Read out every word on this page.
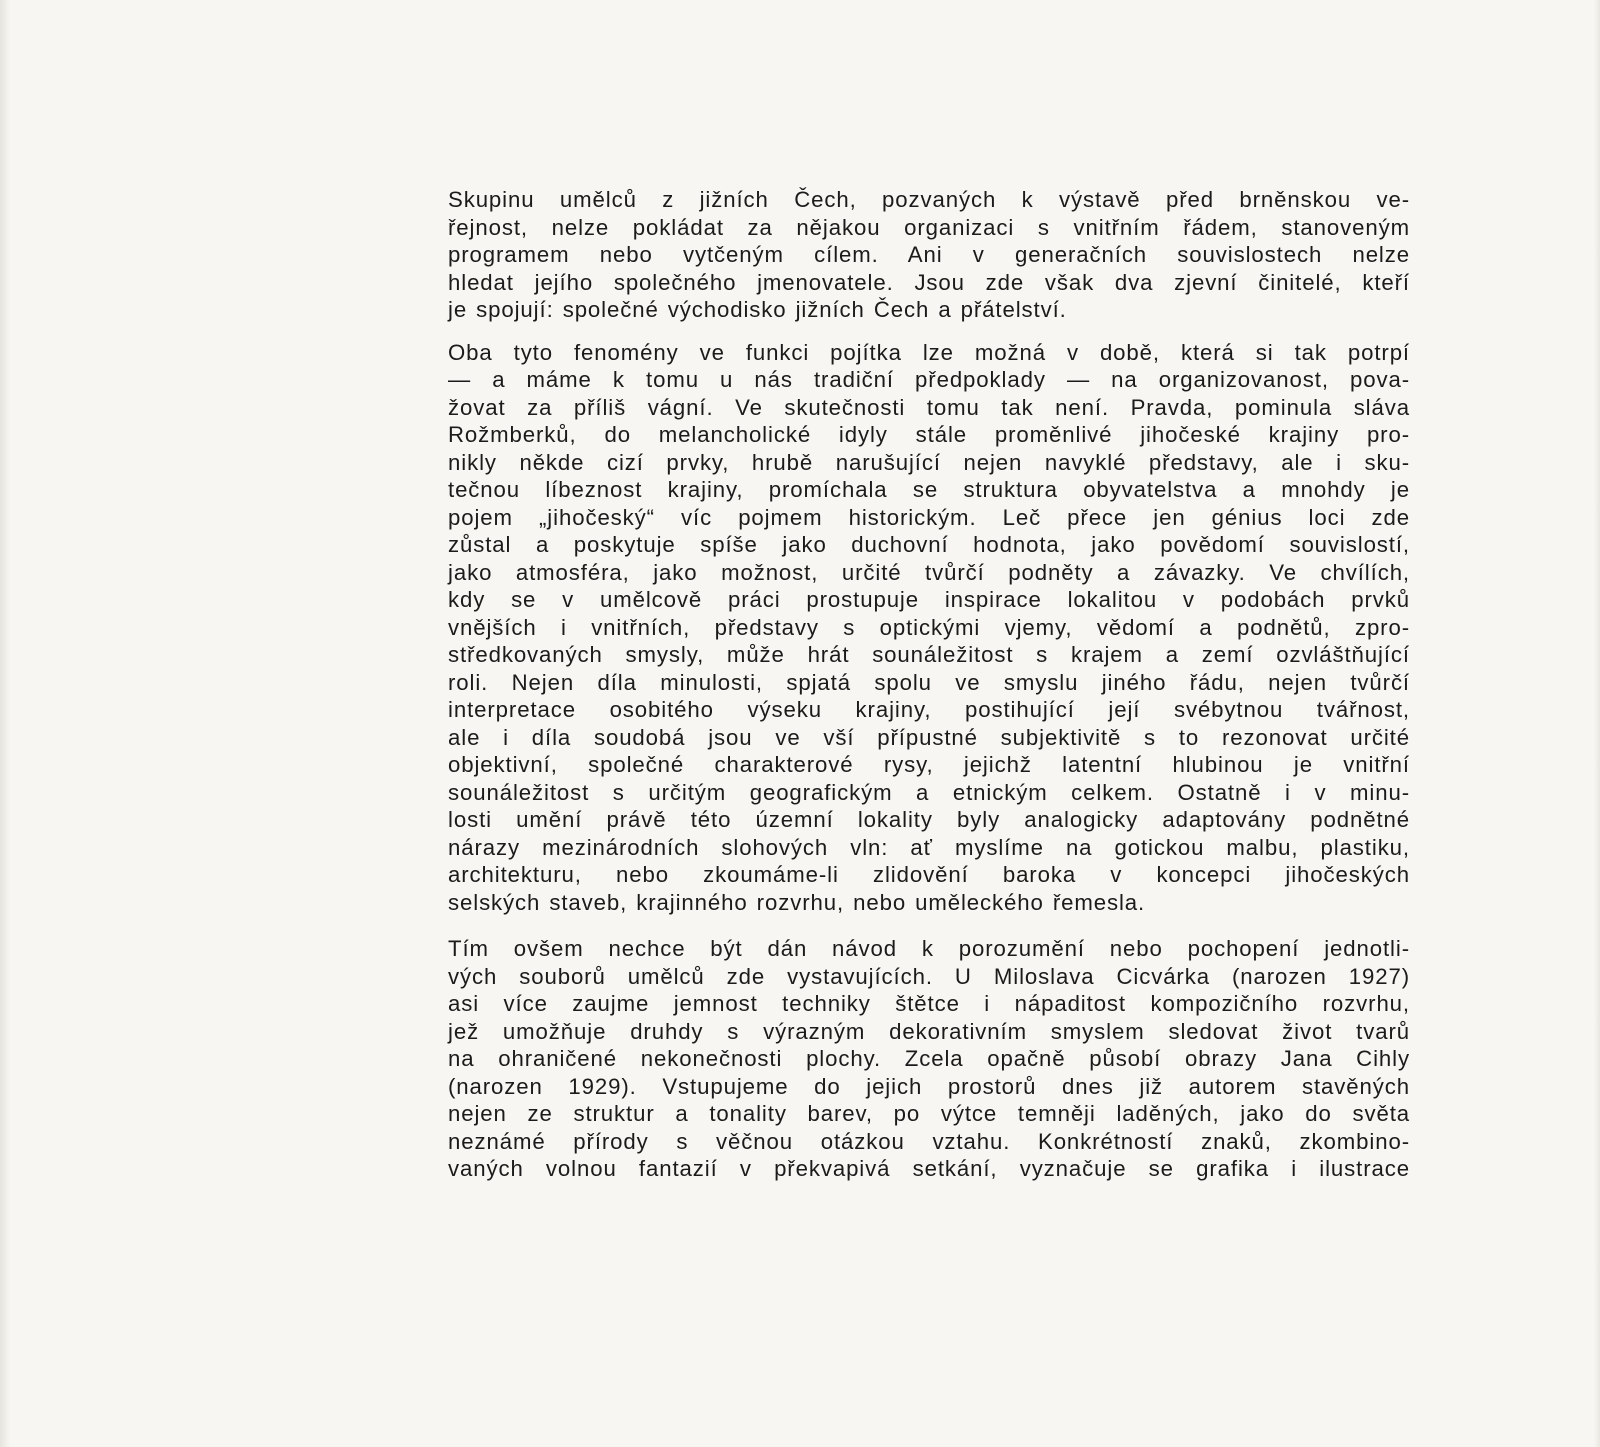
Skupinu umělců z jižních Čech, pozvaných k výstavě před brněnskou ve-
řejnost, nelze pokládat za nějakou organizaci s vnitřním řádem, stanoveným
programem nebo vytčeným cílem. Ani v generačních souvislostech nelze
hledat jejího společného jmenovatele. Jsou zde však dva zjevní činitelé, kteří
je spojují: společné východisko jižních Čech a přátelství.
Oba tyto fenomény ve funkci pojítka lze možná v době, která si tak potrpí
— a máme k tomu u nás tradiční předpoklady — na organizovanost, pova-
žovat za příliš vágní. Ve skutečnosti tomu tak není. Pravda, pominula sláva
Rožmberků, do melancholické idyly stále proměnlivé jihočeské krajiny pro-
nikly někde cizí prvky, hrubě narušující nejen navyklé představy, ale i sku-
tečnou líbeznost krajiny, promíchala se struktura obyvatelstva a mnohdy je
pojem „jihočeský“ víc pojmem historickým. Leč přece jen génius loci zde
zůstal a poskytuje spíše jako duchovní hodnota, jako povědomí souvislostí,
jako atmosféra, jako možnost, určité tvůrčí podněty a závazky. Ve chvílích,
kdy se v umělcově práci prostupuje inspirace lokalitou v podobách prvků
vnějších i vnitřních, představy s optickými vjemy, vědomí a podnětů, zpro-
středkovaných smysly, může hrát sounáležitost s krajem a zemí ozvláštňující
roli. Nejen díla minulosti, spjatá spolu ve smyslu jiného řádu, nejen tvůrčí
interpretace osobitého výseku krajiny, postihující její svébytnou tvářnost,
ale i díla soudobá jsou ve vší přípustné subjektivitě s to rezonovat určité
objektivní, společné charakterové rysy, jejichž latentní hlubinou je vnitřní
sounáležitost s určitým geografickým a etnickým celkem. Ostatně i v minu-
losti umění právě této územní lokality byly analogicky adaptovány podnětné
nárazy mezinárodních slohových vln: ať myslíme na gotickou malbu, plastiku,
architekturu, nebo zkoumáme-li zlidovění baroka v koncepci jihočeských
selských staveb, krajinného rozvrhu, nebo uměleckého řemesla.
Tím ovšem nechce být dán návod k porozumění nebo pochopení jednotli-
vých souborů umělců zde vystavujících. U Miloslava Cicvárka (narozen 1927)
asi více zaujme jemnost techniky štětce i nápaditost kompozičního rozvrhu,
jež umožňuje druhdy s výrazným dekorativním smyslem sledovat život tvarů
na ohraničené nekonečnosti plochy. Zcela opačně působí obrazy Jana Cihly
(narozen 1929). Vstupujeme do jejich prostorů dnes již autorem stavěných
nejen ze struktur a tonality barev, po výtce temněji laděných, jako do světa
neznámé přírody s věčnou otázkou vztahu. Konkrétností znaků, zkombino-
vaných volnou fantazií v překvapivá setkání, vyznačuje se grafika i ilustrace
